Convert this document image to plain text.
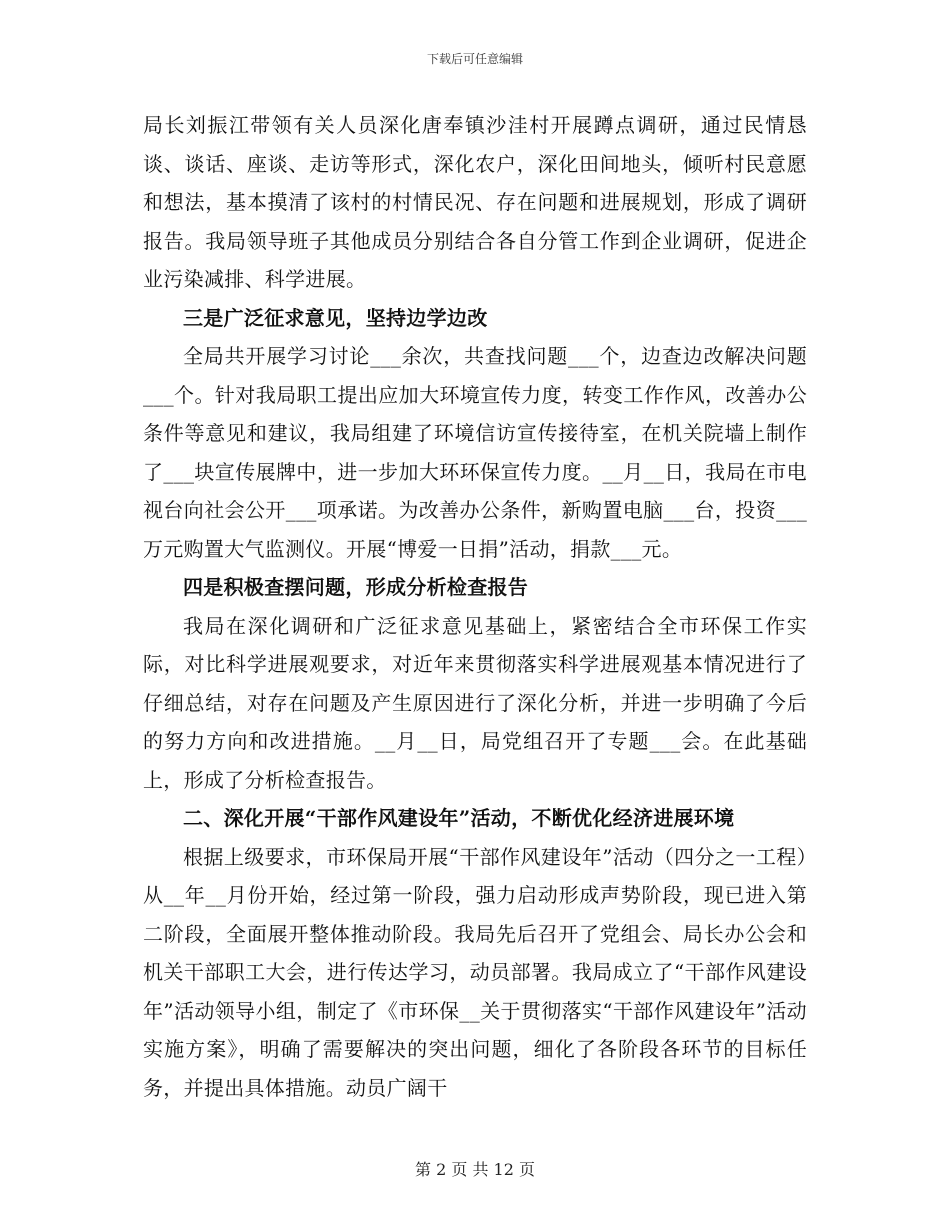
下载后可任意编辑

局长刘振江带领有关人员深化唐奉镇沙洼村开展蹲点调研，通过民情恳谈、谈话、座谈、走访等形式，深化农户，深化田间地头，倾听村民意愿和想法，基本摸清了该村的村情民况、存在问题和进展规划，形成了调研报告。我局领导班子其他成员分别结合各自分管工作到企业调研，促进企业污染减排、科学进展。

三是广泛征求意见，坚持边学边改

全局共开展学习讨论___余次，共查找问题___个，边查边改解决问题___个。针对我局职工提出应加大环境宣传力度，转变工作作风，改善办公条件等意见和建议，我局组建了环境信访宣传接待室，在机关院墙上制作了___块宣传展牌中，进一步加大环环保宣传力度。__月__日，我局在市电视台向社会公开___项承诺。为改善办公条件，新购置电脑___台，投资___万元购置大气监测仪。开展“博爱一日捐”活动，捐款___元。

四是积极查摆问题，形成分析检查报告

我局在深化调研和广泛征求意见基础上，紧密结合全市环保工作实际，对比科学进展观要求，对近年来贯彻落实科学进展观基本情况进行了仔细总结，对存在问题及产生原因进行了深化分析，并进一步明确了今后的努力方向和改进措施。__月__日，局党组召开了专题___会。在此基础上，形成了分析检查报告。

二、深化开展“干部作风建设年”活动，不断优化经济进展环境

根据上级要求，市环保局开展“干部作风建设年”活动（四分之一工程）从__年__月份开始，经过第一阶段，强力启动形成声势阶段，现已进入第二阶段，全面展开整体推动阶段。我局先后召开了党组会、局长办公会和机关干部职工大会，进行传达学习，动员部署。我局成立了“干部作风建设年”活动领导小组，制定了《市环保__关于贯彻落实“干部作风建设年”活动实施方案》，明确了需要解决的突出问题，细化了各阶段各环节的目标任务，并提出具体措施。动员广阔干

第 2 页 共 12 页
